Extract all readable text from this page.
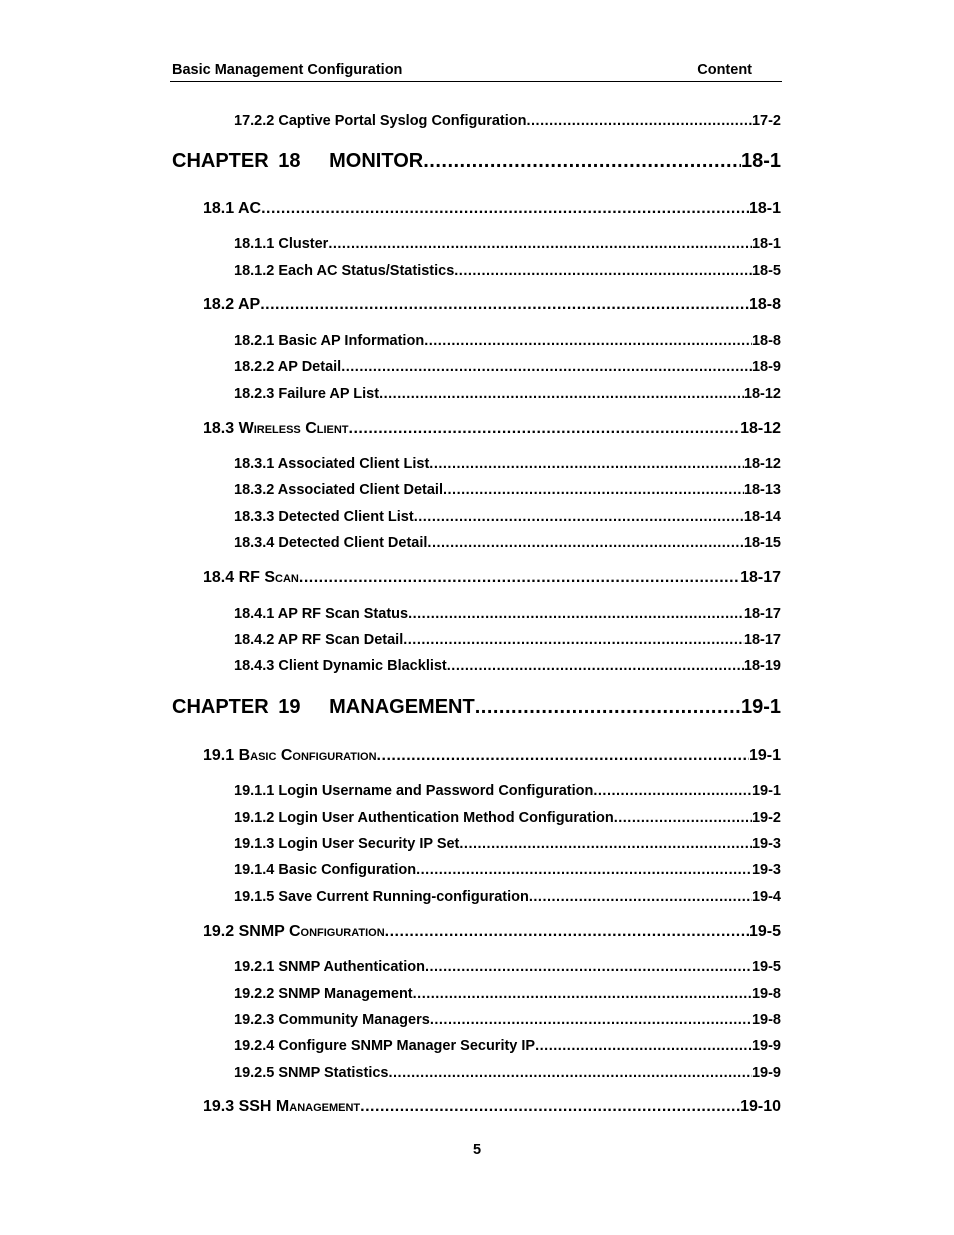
Basic Management Configuration	Content
17.2.2 Captive Portal Syslog Configuration .....	17-2
CHAPTER 18   MONITOR .....	18-1
18.1 AC .....	18-1
18.1.1 Cluster .....	18-1
18.1.2 Each AC Status/Statistics .....	18-5
18.2 AP .....	18-8
18.2.1 Basic AP Information .....	18-8
18.2.2 AP Detail .....	18-9
18.2.3 Failure AP List .....	18-12
18.3 Wireless Client .....	18-12
18.3.1 Associated Client List .....	18-12
18.3.2 Associated Client Detail .....	18-13
18.3.3 Detected Client List .....	18-14
18.3.4 Detected Client Detail .....	18-15
18.4 RF Scan .....	18-17
18.4.1 AP RF Scan Status .....	18-17
18.4.2 AP RF Scan Detail .....	18-17
18.4.3 Client Dynamic Blacklist .....	18-19
CHAPTER 19   MANAGEMENT .....	19-1
19.1 Basic Configuration .....	19-1
19.1.1 Login Username and Password Configuration .....	19-1
19.1.2 Login User Authentication Method Configuration .....	19-2
19.1.3 Login User Security IP Set .....	19-3
19.1.4 Basic Configuration .....	19-3
19.1.5 Save Current Running-configuration .....	19-4
19.2 SNMP Configuration .....	19-5
19.2.1 SNMP Authentication .....	19-5
19.2.2 SNMP Management .....	19-8
19.2.3 Community Managers .....	19-8
19.2.4 Configure SNMP Manager Security IP .....	19-9
19.2.5 SNMP Statistics .....	19-9
19.3 SSH Management .....	19-10
5
